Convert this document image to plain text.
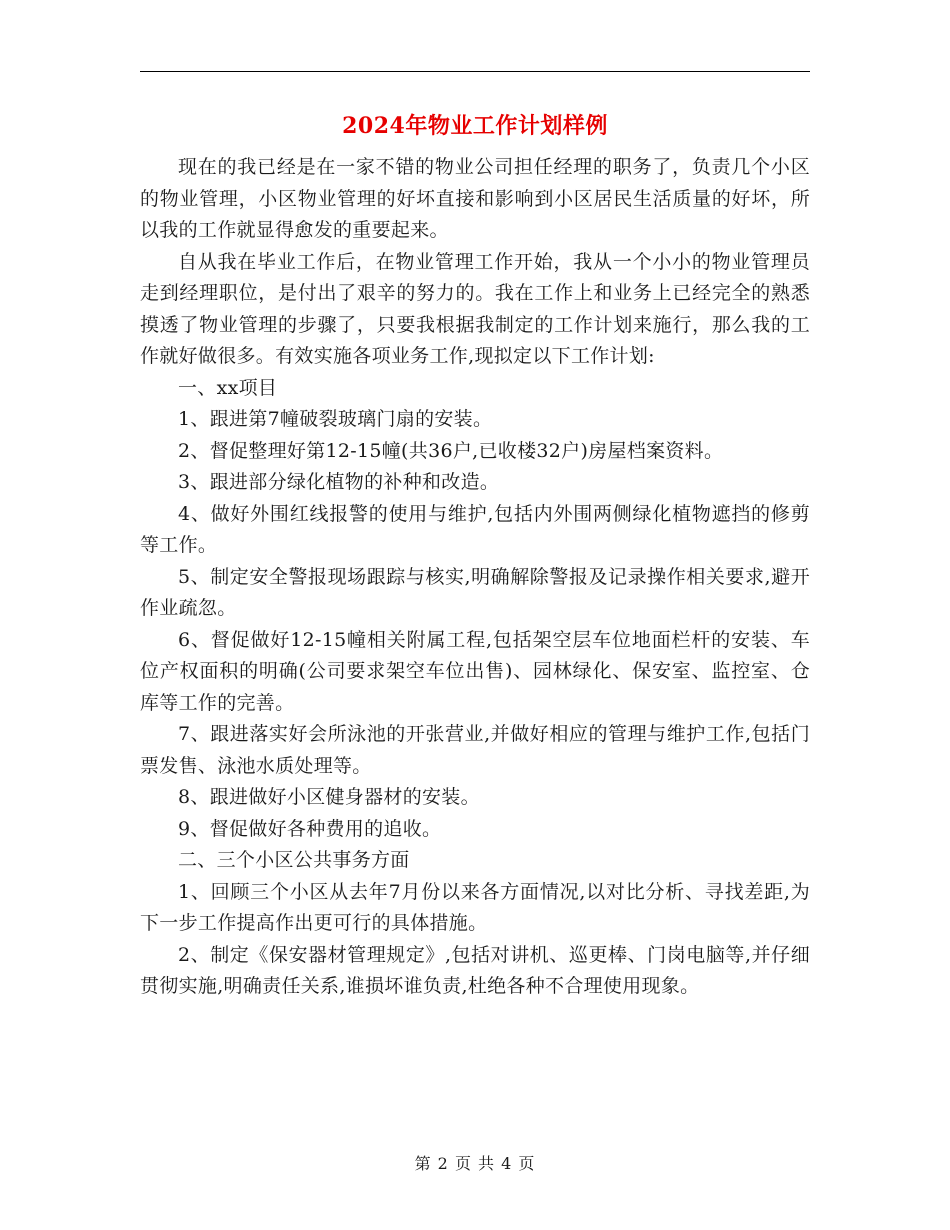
2024年物业工作计划样例

现在的我已经是在一家不错的物业公司担任经理的职务了，负责几个小区的物业管理，小区物业管理的好坏直接和影响到小区居民生活质量的好坏，所以我的工作就显得愈发的重要起来。

自从我在毕业工作后，在物业管理工作开始，我从一个小小的物业管理员走到经理职位，是付出了艰辛的努力的。我在工作上和业务上已经完全的熟悉摸透了物业管理的步骤了，只要我根据我制定的工作计划来施行，那么我的工作就好做很多。有效实施各项业务工作,现拟定以下工作计划:

一、xx项目

1、跟进第7幢破裂玻璃门扇的安装。

2、督促整理好第12-15幢(共36户,已收楼32户)房屋档案资料。

3、跟进部分绿化植物的补种和改造。

4、做好外围红线报警的使用与维护,包括内外围两侧绿化植物遮挡的修剪等工作。

5、制定安全警报现场跟踪与核实,明确解除警报及记录操作相关要求,避开作业疏忽。

6、督促做好12-15幢相关附属工程,包括架空层车位地面栏杆的安装、车位产权面积的明确(公司要求架空车位出售)、园林绿化、保安室、监控室、仓库等工作的完善。

7、跟进落实好会所泳池的开张营业,并做好相应的管理与维护工作,包括门票发售、泳池水质处理等。

8、跟进做好小区健身器材的安装。

9、督促做好各种费用的追收。

二、三个小区公共事务方面

1、回顾三个小区从去年7月份以来各方面情况,以对比分析、寻找差距,为下一步工作提高作出更可行的具体措施。

2、制定《保安器材管理规定》,包括对讲机、巡更棒、门岗电脑等,并仔细贯彻实施,明确责任关系,谁损坏谁负责,杜绝各种不合理使用现象。

第 2 页 共 4 页
